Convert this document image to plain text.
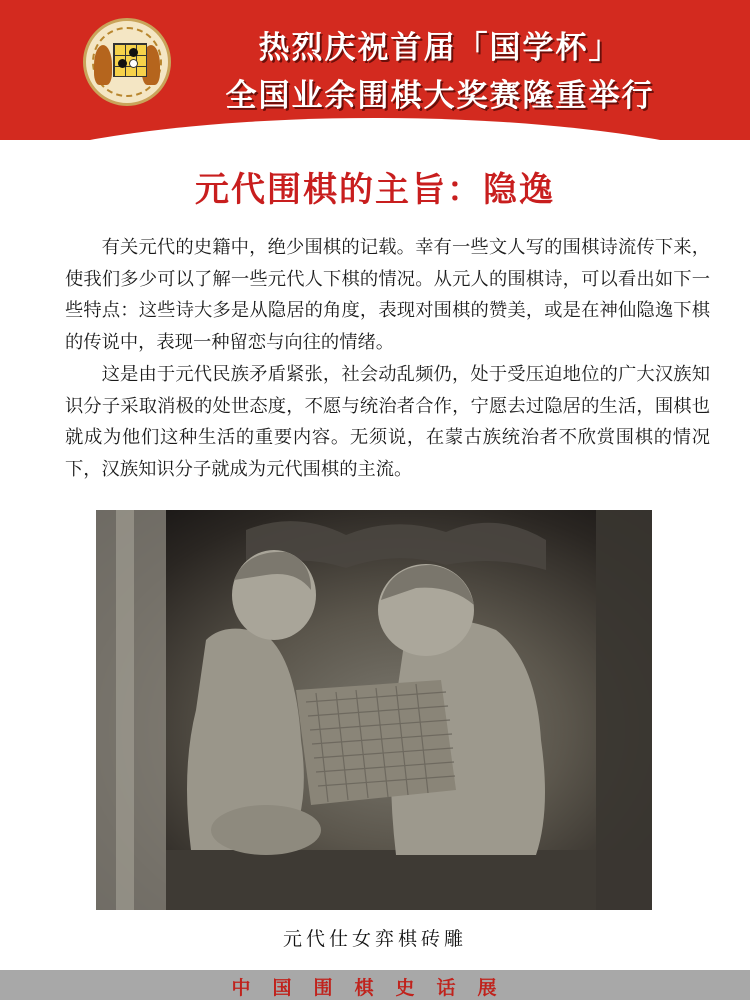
热烈庆祝首届「国学杯」
全国业余围棋大奖赛隆重举行
元代围棋的主旨：隐逸

有关元代的史籍中，绝少围棋的记载。幸有一些文人写的围棋诗流传下来，使我们多少可以了解一些元代人下棋的情况。从元人的围棋诗，可以看出如下一些特点：这些诗大多是从隐居的角度，表现对围棋的赞美，或是在神仙隐逸下棋的传说中，表现一种留恋与向往的情绪。

这是由于元代民族矛盾紧张，社会动乱频仍，处于受压迫地位的广大汉族知识分子采取消极的处世态度，不愿与统治者合作，宁愿去过隐居的生活，围棋也就成为他们这种生活的重要内容。无须说，在蒙古族统治者不欣赏围棋的情况下，汉族知识分子就成为元代围棋的主流。

元代仕女弈棋砖雕
中国围棋史话展
